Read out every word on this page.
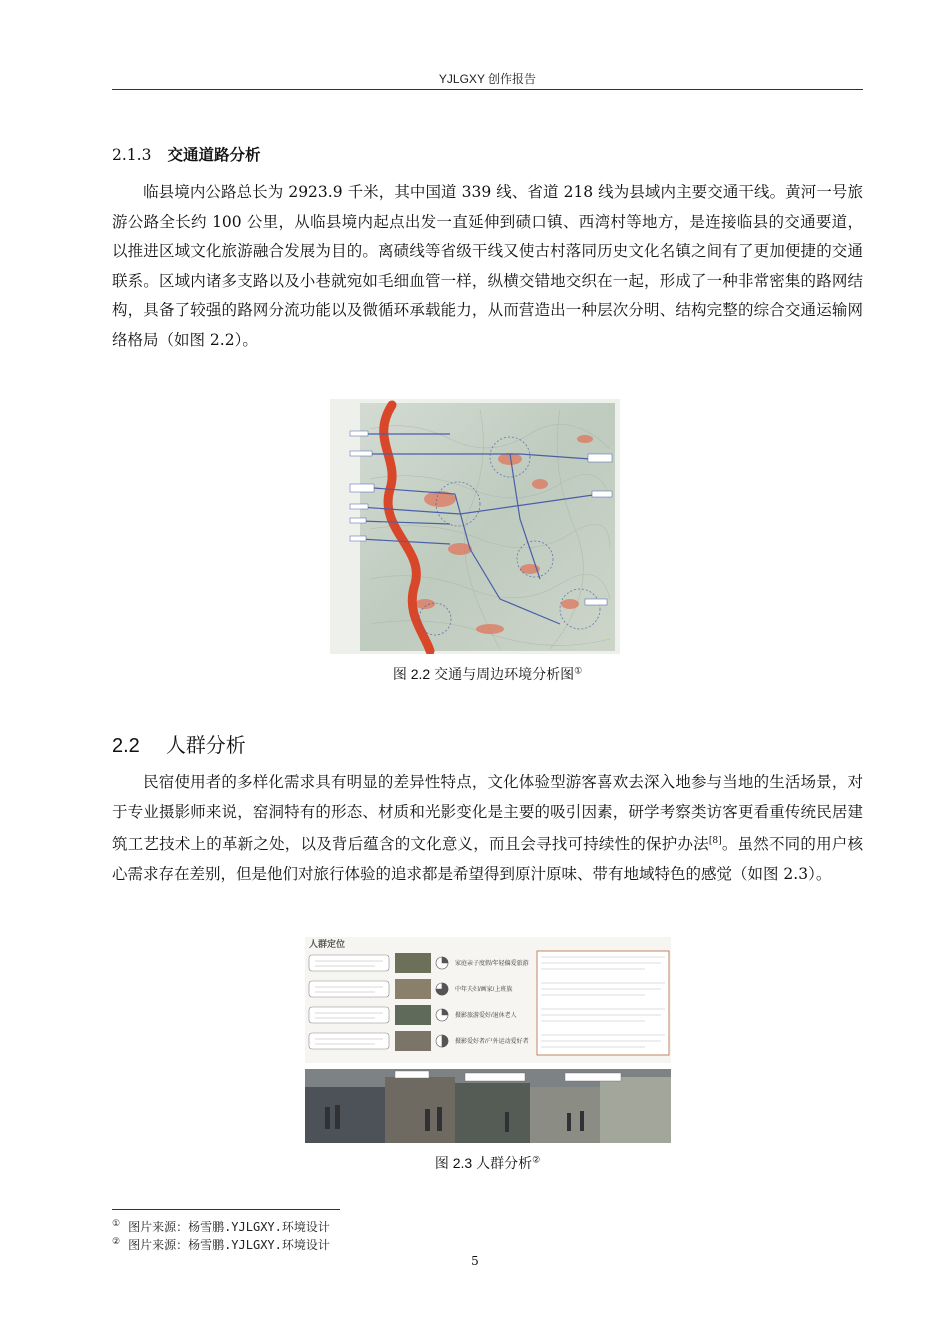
YJLGXY 创作报告
2.1.3 交通道路分析
临县境内公路总长为 2923.9 千米，其中国道 339 线、省道 218 线为县域内主要交通干线。黄河一号旅游公路全长约 100 公里，从临县境内起点出发一直延伸到碛口镇、西湾村等地方，是连接临县的交通要道，以推进区域文化旅游融合发展为目的。离碛线等省级干线又使古村落同历史文化名镇之间有了更加便捷的交通联系。区域内诸多支路以及小巷就宛如毛细血管一样，纵横交错地交织在一起，形成了一种非常密集的路网结构，具备了较强的路网分流功能以及微循环承载能力，从而营造出一种层次分明、结构完整的综合交通运输网络格局（如图 2.2）。
图 2.2 交通与周边环境分析图①
2.2 人群分析
民宿使用者的多样化需求具有明显的差异性特点，文化体验型游客喜欢去深入地参与当地的生活场景，对于专业摄影师来说，窑洞特有的形态、材质和光影变化是主要的吸引因素，研学考察类访客更看重传统民居建筑工艺技术上的革新之处，以及背后蕴含的文化意义，而且会寻找可持续性的保护办法[8]。虽然不同的用户核心需求存在差别，但是他们对旅行体验的追求都是希望得到原汁原味、带有地域特色的感觉（如图 2.3）。
人群定位
家庭亲子度假/年轻偏爱旅游
中年夫妇/画家/上班族
摄影旅游爱好/退休老人
摄影爱好者/户外运动爱好者
图 2.3 人群分析②
① 图片来源：杨雪鹏.YJLGXY.环境设计
② 图片来源：杨雪鹏.YJLGXY.环境设计
5
